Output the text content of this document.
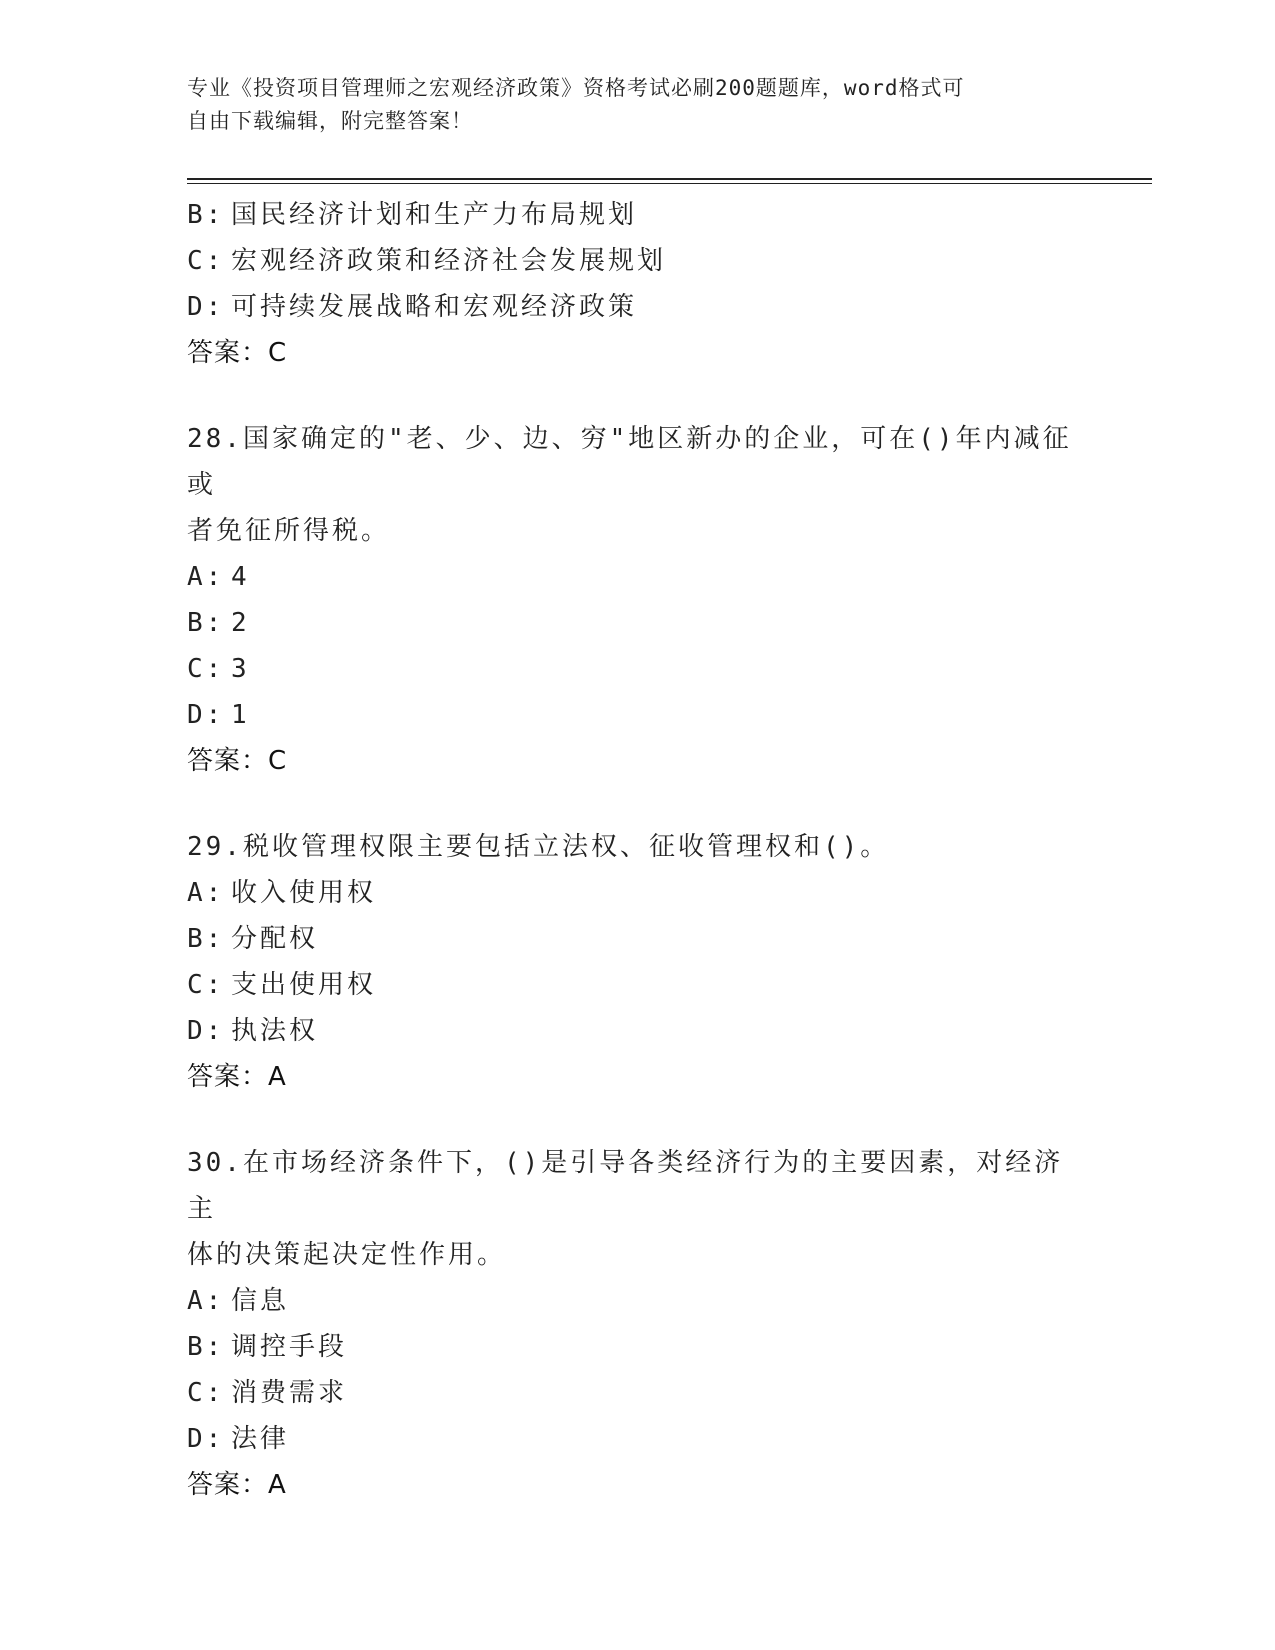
专业《投资项目管理师之宏观经济政策》资格考试必刷200题题库，word格式可
自由下载编辑，附完整答案！
B: 国民经济计划和生产力布局规划
C: 宏观经济政策和经济社会发展规划
D: 可持续发展战略和宏观经济政策
答案：C
28.国家确定的"老、少、边、穷"地区新办的企业，可在()年内减征或
者免征所得税。
A: 4
B: 2
C: 3
D: 1
答案：C
29.税收管理权限主要包括立法权、征收管理权和()。
A: 收入使用权
B: 分配权
C: 支出使用权
D: 执法权
答案：A
30.在市场经济条件下，()是引导各类经济行为的主要因素，对经济主
体的决策起决定性作用。
A: 信息
B: 调控手段
C: 消费需求
D: 法律
答案：A
